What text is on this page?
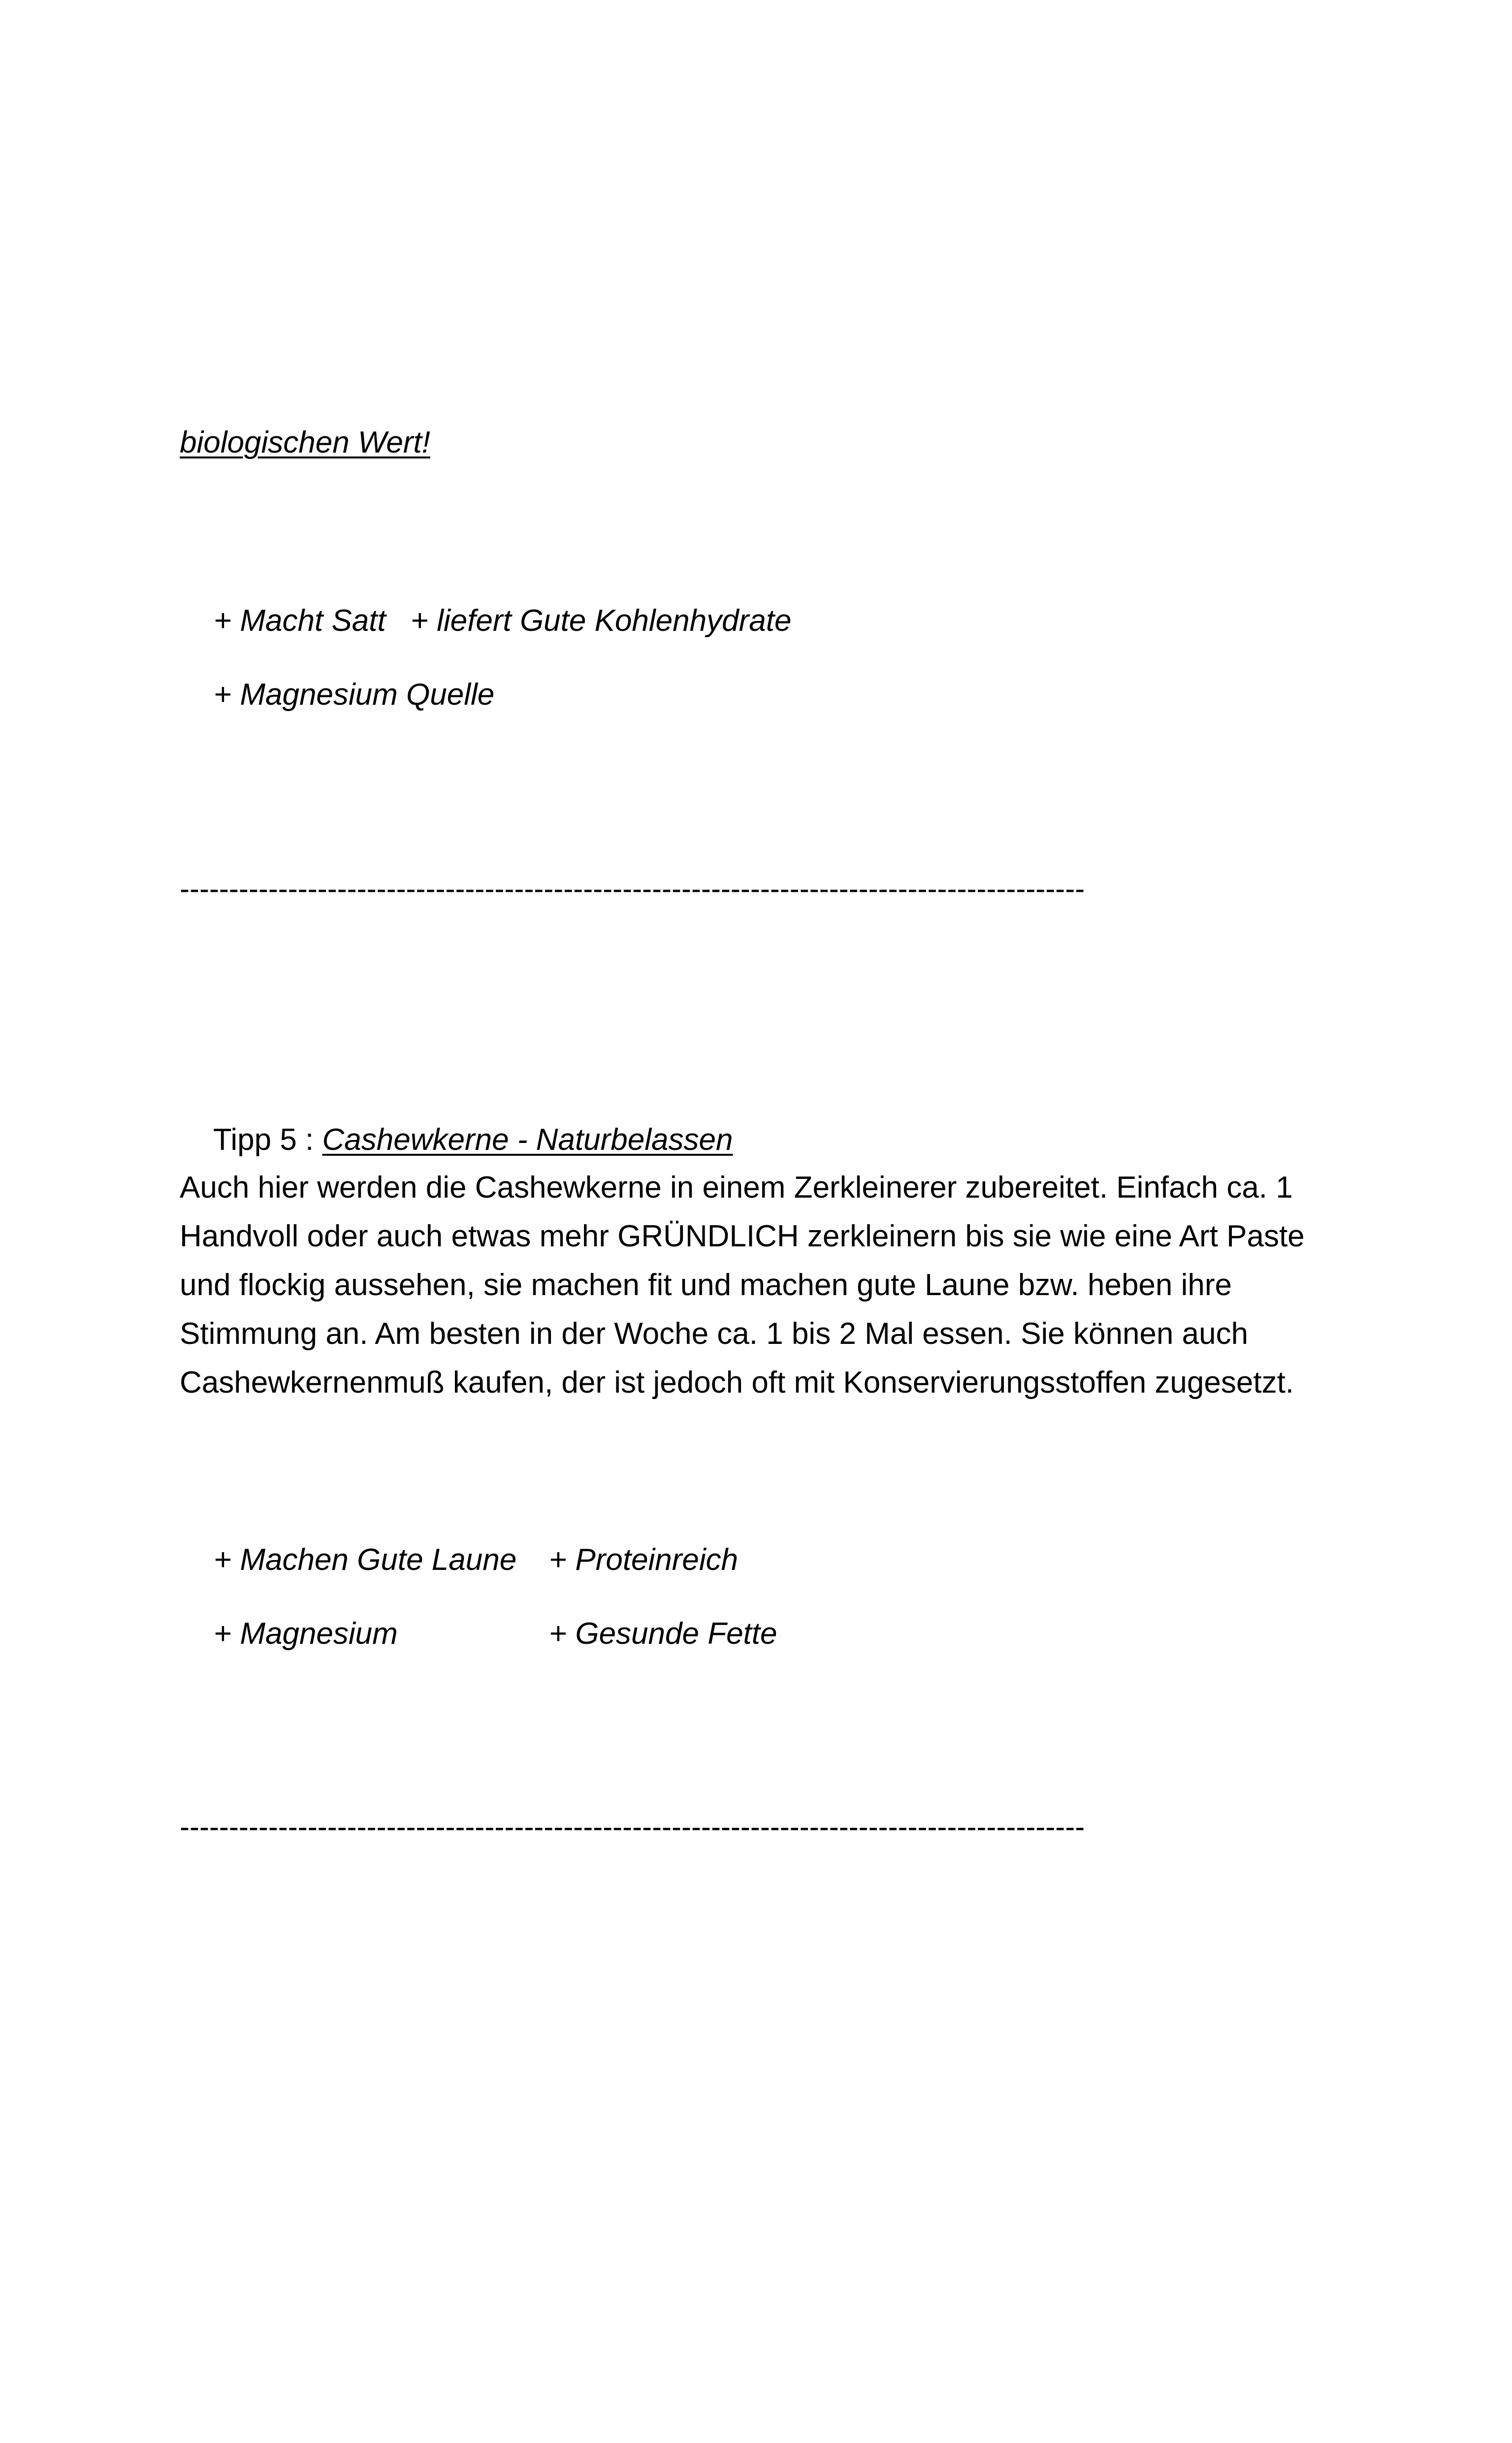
biologischen Wert!

+ Macht Satt + liefert Gute Kohlenhydrate

+ Magnesium Quelle

--------------------------------------------------------------------------------------------

Tipp 5 : Cashewkerne - Naturbelassen

Auch hier werden die Cashewkerne in einem Zerkleinerer zubereitet. Einfach ca. 1

Handvoll oder auch etwas mehr GRÜNDLICH zerkleinern bis sie wie eine Art Paste

und flockig aussehen, sie machen fit und machen gute Laune bzw. heben ihre

Stimmung an. Am besten in der Woche ca. 1 bis 2 Mal essen. Sie können auch

Cashewkernenmuß kaufen, der ist jedoch oft mit Konservierungsstoffen zugesetzt.

+ Machen Gute Laune
	+ Proteinreich

+ Magnesium
	+ Gesunde Fette

--------------------------------------------------------------------------------------------
